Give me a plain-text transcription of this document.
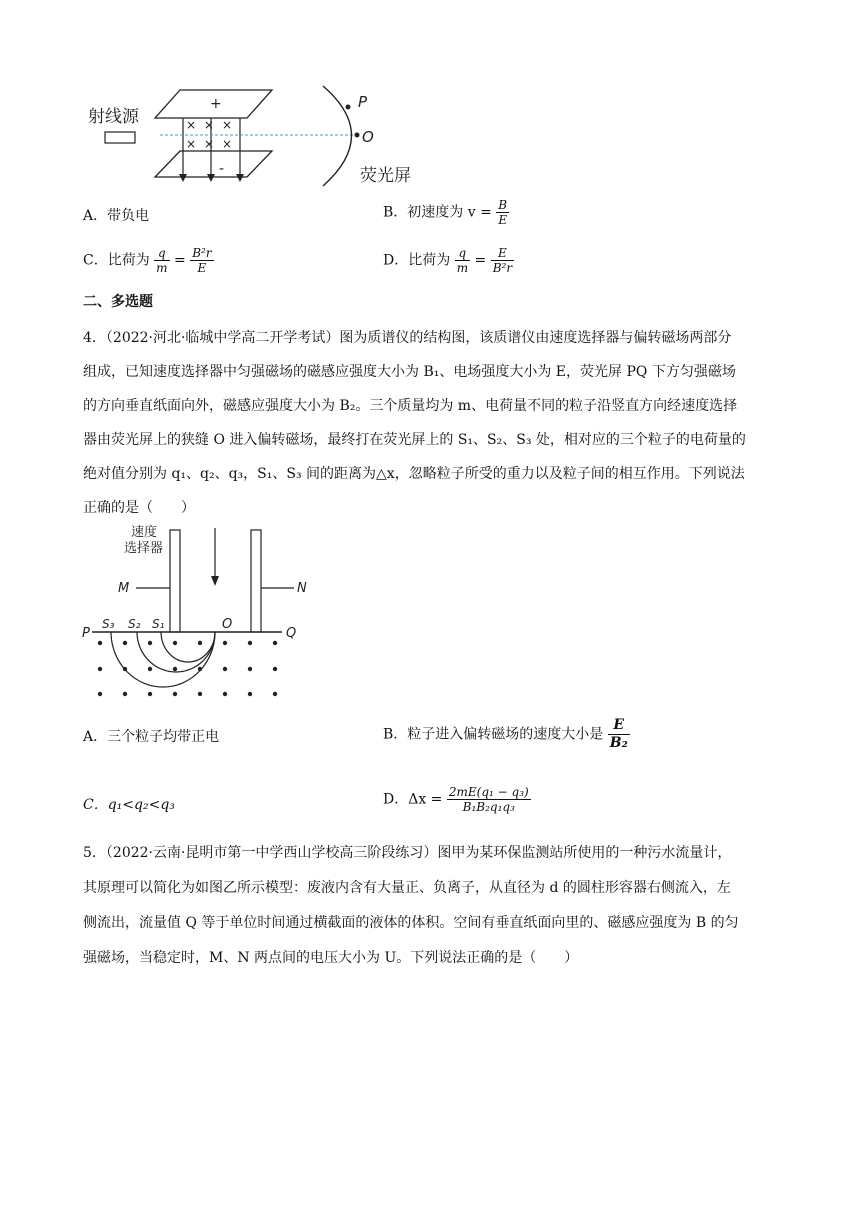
+
-
× × ×
× × ×
射线源
P
O
荧光屏
A．带负电	B．初速度为 $v = \frac{B}{E}$
C．比荷为 $\frac{q}{m} = \frac{\text{B²r}}{E}$	D．比荷为 $\frac{q}{m} = \frac{E}{\text{B²r}}$
二、多选题

4．（2022·河北·临城中学高二开学考试）图为质谱仪的结构图，该质谱仪由速度选择器与偏转磁场两部分

组成，已知速度选择器中匀强磁场的磁感应强度大小为 B₁、电场强度大小为 E，荧光屏 PQ 下方匀强磁场

的方向垂直纸面向外，磁感应强度大小为 B₂。三个质量均为 m、电荷量不同的粒子沿竖直方向经速度选择

器由荧光屏上的狭缝 O 进入偏转磁场，最终打在荧光屏上的 S₁、S₂、S₃ 处，相对应的三个粒子的电荷量的

绝对值分别为 q₁、q₂、q₃，S₁、S₃ 间的距离为△x，忽略粒子所受的重力以及粒子间的相互作用。下列说法

正确的是（　　）

速度
选择器
M	N
P	Q
O
S₃ S₂ S₁
A．三个粒子均带正电	B．粒子进入偏转磁场的速度大小是 $\frac{E}{\text{B₂}}$
C．q₁<q₂<q₃	D．$\Delta x = \frac{\text{2mE(q₁ − q₃)}}{\text{B₁B₂q₁q₃}}$

5．（2022·云南·昆明市第一中学西山学校高三阶段练习）图甲为某环保监测站所使用的一种污水流量计，

其原理可以简化为如图乙所示模型：废液内含有大量正、负离子，从直径为 d 的圆柱形容器右侧流入，左

侧流出，流量值 Q 等于单位时间通过横截面的液体的体积。空间有垂直纸面向里的、磁感应强度为 B 的匀

强磁场，当稳定时，M、N 两点间的电压大小为 U。下列说法正确的是（　　）
